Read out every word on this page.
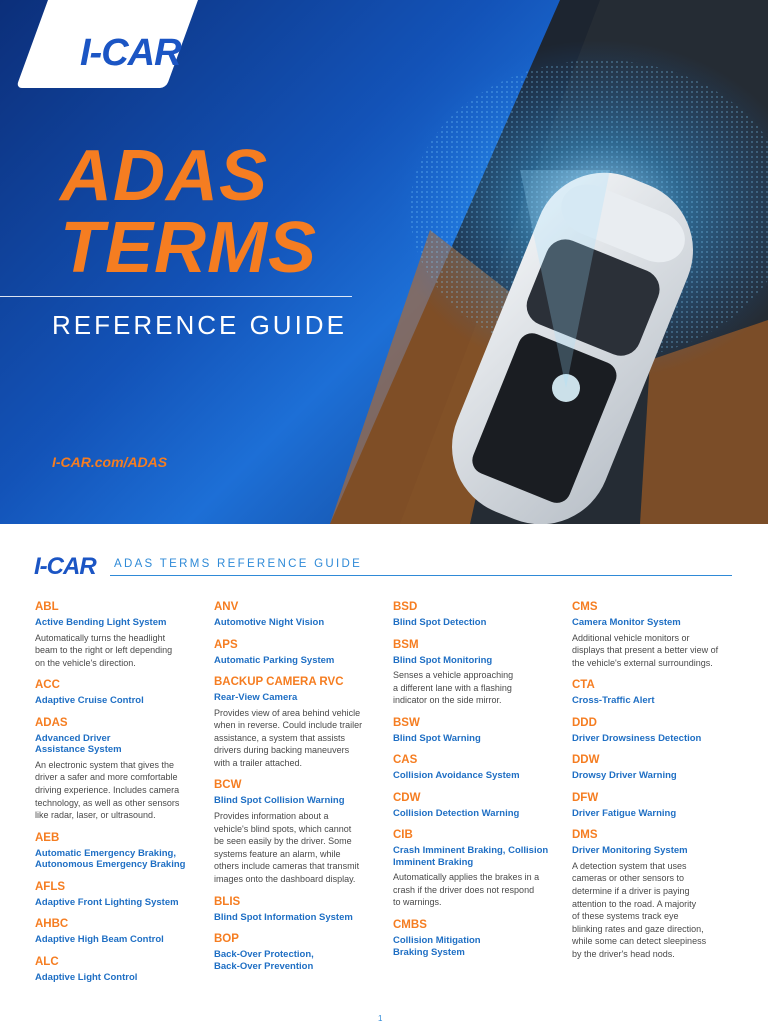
I-CAR
ADAS
TERMS
REFERENCE GUIDE
I-CAR.com/ADAS
I-CAR ADAS TERMS REFERENCE GUIDE
ABL
Active Bending Light System
Automatically turns the headlight
beam to the right or left depending
on the vehicle's direction.
ACC
Adaptive Cruise Control
ADAS
Advanced Driver
Assistance System
An electronic system that gives the
driver a safer and more comfortable
driving experience. Includes camera
technology, as well as other sensors
like radar, laser, or ultrasound.
AEB
Automatic Emergency Braking,
Autonomous Emergency Braking
AFLS
Adaptive Front Lighting System
AHBC
Adaptive High Beam Control
ALC
Adaptive Light Control
ANV
Automotive Night Vision
APS
Automatic Parking System
BACKUP CAMERA RVC
Rear-View Camera
Provides view of area behind vehicle
when in reverse. Could include trailer
assistance, a system that assists
drivers during backing maneuvers
with a trailer attached.
BCW
Blind Spot Collision Warning
Provides information about a
vehicle's blind spots, which cannot
be seen easily by the driver. Some
systems feature an alarm, while
others include cameras that transmit
images onto the dashboard display.
BLIS
Blind Spot Information System
BOP
Back-Over Protection,
Back-Over Prevention
BSD
Blind Spot Detection
BSM
Blind Spot Monitoring
Senses a vehicle approaching
a different lane with a flashing
indicator on the side mirror.
BSW
Blind Spot Warning
CAS
Collision Avoidance System
CDW
Collision Detection Warning
CIB
Crash Imminent Braking, Collision
Imminent Braking
Automatically applies the brakes in a
crash if the driver does not respond
to warnings.
CMBS
Collision Mitigation
Braking System
CMS
Camera Monitor System
Additional vehicle monitors or
displays that present a better view of
the vehicle's external surroundings.
CTA
Cross-Traffic Alert
DDD
Driver Drowsiness Detection
DDW
Drowsy Driver Warning
DFW
Driver Fatigue Warning
DMS
Driver Monitoring System
A detection system that uses
cameras or other sensors to
determine if a driver is paying
attention to the road. A majority
of these systems track eye
blinking rates and gaze direction,
while some can detect sleepiness
by the driver's head nods.
1
